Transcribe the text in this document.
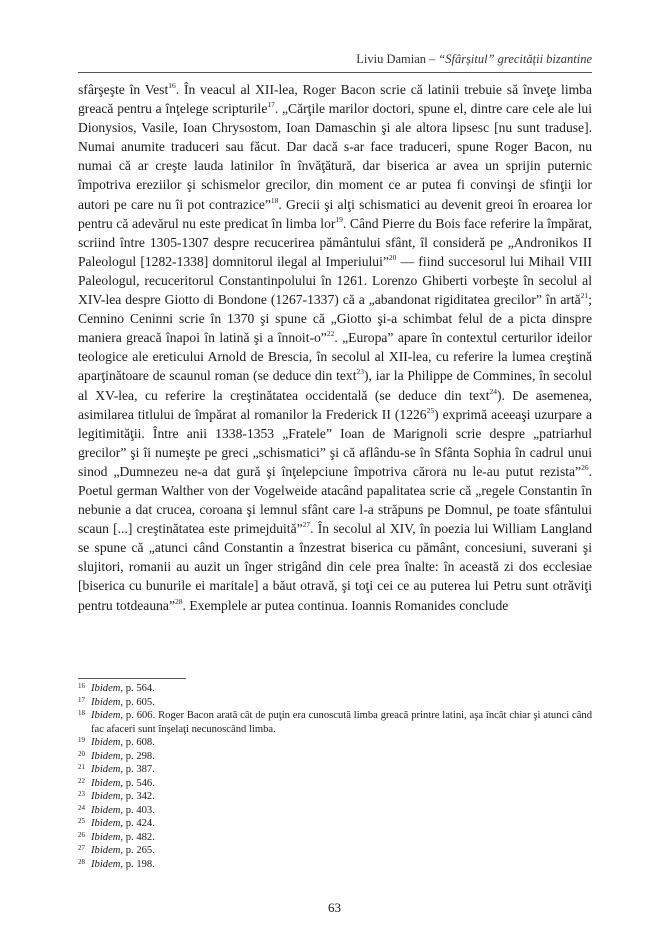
Liviu Damian – “Sfârșitul” grecității bizantine

sfârşeşte în Vest$^{16}$. În veacul al XII-lea, Roger Bacon scrie că latinii trebuie să înveţe limba greacă pentru a înţelege scripturile$^{17}$. „Cărţile marilor doctori, spune el, dintre care cele ale lui Dionysios, Vasile, Ioan Chrysostom, Ioan Damaschin şi ale altora lipsesc [nu sunt traduse]. Numai anumite traduceri sau făcut. Dar dacă s-ar face traduceri, spune Roger Bacon, nu numai că ar creşte lauda latinilor în învăţătură, dar biserica ar avea un sprijin puternic împotriva ereziilor şi schismelor grecilor, din moment ce ar putea fi convinşi de sfinţii lor autori pe care nu îi pot contrazice”$^{18}$. Grecii şi alţi schismatici au devenit greoi în eroarea lor pentru că adevărul nu este predicat în limba lor$^{19}$. Când Pierre du Bois face referire la împărat, scriind între 1305-1307 despre recucerirea pământului sfânt, îl consideră pe „Andronikos II Paleologul [1282-1338] domnitorul ilegal al Imperiului”$^{20}$ — fiind succesorul lui Mihail VIII Paleologul, recuceritorul Constantinpolului în 1261. Lorenzo Ghiberti vorbeşte în secolul al XIV-lea despre Giotto di Bondone (1267-1337) că a „abandonat rigiditatea grecilor” în artă$^{21}$; Cennino Ceninni scrie în 1370 şi spune că „Giotto şi-a schimbat felul de a picta dinspre maniera greacă înapoi în latină şi a înnoit-o”$^{22}$. „Europa” apare în contextul certurilor ideilor teologice ale ereticului Arnold de Brescia, în secolul al XII-lea, cu referire la lumea creştină aparţinătoare de scaunul roman (se deduce din text$^{23}$), iar la Philippe de Commines, în secolul al XV-lea, cu referire la creştinătatea occidentală (se deduce din text$^{24}$). De asemenea, asimilarea titlului de împărat al romanilor la Frederick II (1226$^{25}$) exprimă aceeaşi uzurpare a legitimităţii. Între anii 1338-1353 „Fratele” Ioan de Marignoli scrie despre „patriarhul grecilor” şi îi numeşte pe greci „schismatici” şi că aflându-se în Sfânta Sophia în cadrul unui sinod „Dumnezeu ne-a dat gură şi înţelepciune împotriva cărora nu le-au putut rezista”$^{26}$. Poetul german Walther von der Vogelweide atacând papalitatea scrie că „regele Constantin în nebunie a dat crucea, coroana şi lemnul sfânt care l-a străpuns pe Domnul, pe toate sfântului scaun [...] creştinătatea este primejduită”$^{27}$. În secolul al XIV, în poezia lui William Langland se spune că „atunci când Constantin a înzestrat biserica cu pământ, concesiuni, suverani şi slujitori, romanii au auzit un înger strigând din cele prea înalte: în această zi dos ecclesiae [biserica cu bunurile ei maritale] a băut otravă, şi toţi cei ce au puterea lui Petru sunt otrăviţi pentru totdeauna”$^{28}$. Exemplele ar putea continua. Ioannis Romanides conclude

16 Ibidem, p. 564.
17 Ibidem, p. 605.
18 Ibidem, p. 606. Roger Bacon arată cât de puţin era cunoscută limba greacă printre latini, aşa încât chiar şi atunci când fac afaceri sunt înşelaţi necunoscând limba.
19 Ibidem, p. 608.
20 Ibidem, p. 298.
21 Ibidem, p. 387.
22 Ibidem, p. 546.
23 Ibidem, p. 342.
24 Ibidem, p. 403.
25 Ibidem, p. 424.
26 Ibidem, p. 482.
27 Ibidem, p. 265.
28 Ibidem, p. 198.
63
